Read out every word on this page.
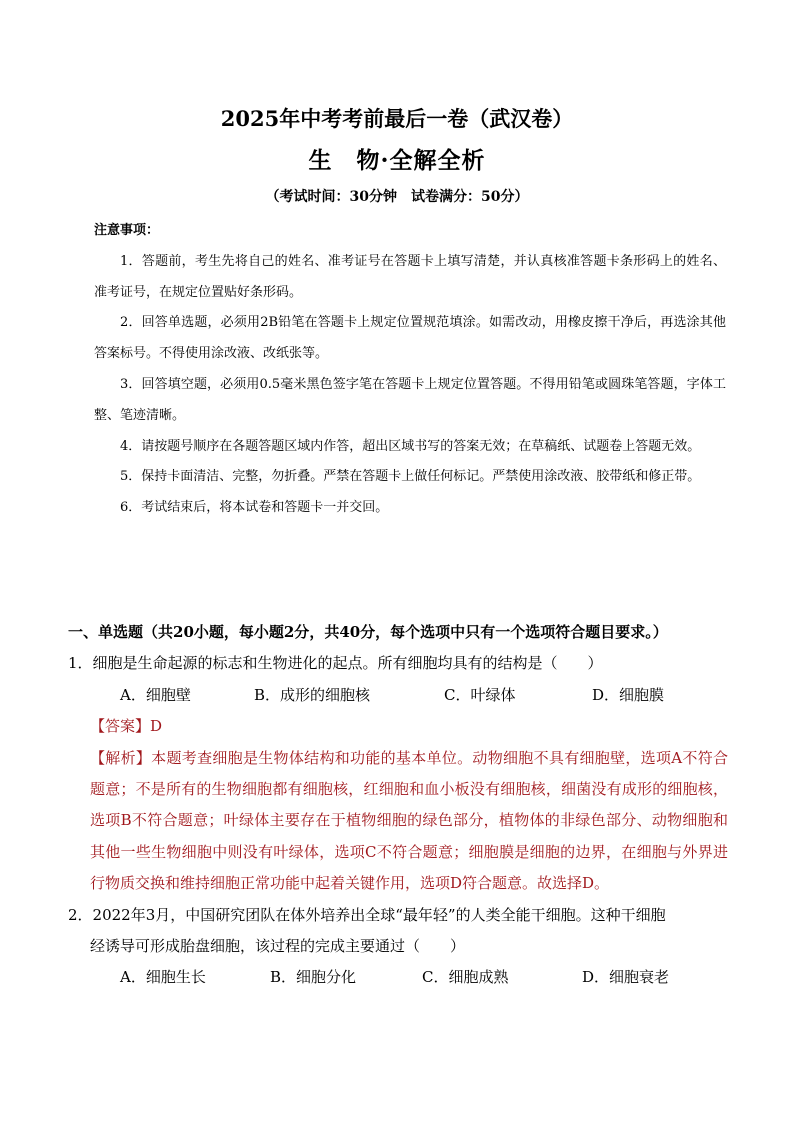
2025年中考考前最后一卷（武汉卷）
生　物·全解全析
（考试时间：30分钟　试卷满分：50分）

注意事项：

1．答题前，考生先将自己的姓名、准考证号在答题卡上填写清楚，并认真核准答题卡条形码上的姓名、准考证号，在规定位置贴好条形码。

2．回答单选题，必须用2B铅笔在答题卡上规定位置规范填涂。如需改动，用橡皮擦干净后，再选涂其他答案标号。不得使用涂改液、改纸张等。

3．回答填空题，必须用0.5毫米黑色签字笔在答题卡上规定位置答题。不得用铅笔或圆珠笔答题，字体工整、笔迹清晰。

4．请按题号顺序在各题答题区域内作答，超出区域书写的答案无效；在草稿纸、试题卷上答题无效。

5．保持卡面清洁、完整，勿折叠。严禁在答题卡上做任何标记。严禁使用涂改液、胶带纸和修正带。

6．考试结束后，将本试卷和答题卡一并交回。

一、单选题（共20小题，每小题2分，共40分，每个选项中只有一个选项符合题目要求。）

1．细胞是生命起源的标志和生物进化的起点。所有细胞均具有的结构是（　　）

A．细胞壁	B．成形的细胞核	C．叶绿体	D．细胞膜

【答案】D

【解析】本题考查细胞是生物体结构和功能的基本单位。动物细胞不具有细胞壁，选项A不符合题意；不是所有的生物细胞都有细胞核，红细胞和血小板没有细胞核，细菌没有成形的细胞核，选项B不符合题意；叶绿体主要存在于植物细胞的绿色部分，植物体的非绿色部分、动物细胞和其他一些生物细胞中则没有叶绿体，选项C不符合题意；细胞膜是细胞的边界，在细胞与外界进行物质交换和维持细胞正常功能中起着关键作用，选项D符合题意。故选择D。

2．2022年3月，中国研究团队在体外培养出全球“最年轻”的人类全能干细胞。这种干细胞

经诱导可形成胎盘细胞，该过程的完成主要通过（　　）

A．细胞生长	B．细胞分化	C．细胞成熟	D．细胞衰老
